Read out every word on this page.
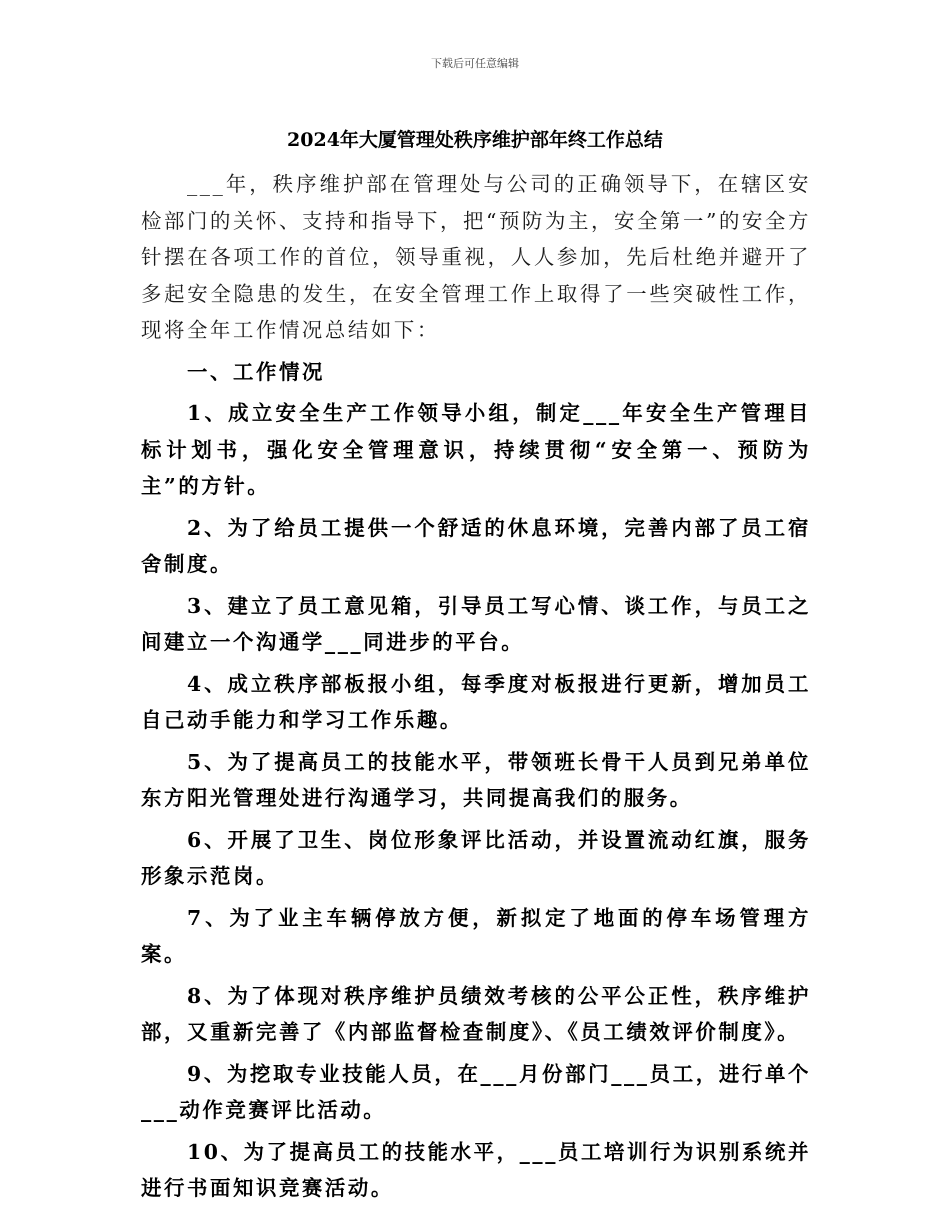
下载后可任意编辑
2024年大厦管理处秩序维护部年终工作总结

___年，秩序维护部在管理处与公司的正确领导下，在辖区安检部门的关怀、支持和指导下，把“预防为主，安全第一”的安全方针摆在各项工作的首位，领导重视，人人参加，先后杜绝并避开了多起安全隐患的发生，在安全管理工作上取得了一些突破性工作，现将全年工作情况总结如下：

一、工作情况

1、成立安全生产工作领导小组，制定___年安全生产管理目标计划书，强化安全管理意识，持续贯彻“安全第一、预防为主”的方针。

2、为了给员工提供一个舒适的休息环境，完善内部了员工宿舍制度。

3、建立了员工意见箱，引导员工写心情、谈工作，与员工之间建立一个沟通学___同进步的平台。

4、成立秩序部板报小组，每季度对板报进行更新，增加员工自己动手能力和学习工作乐趣。

5、为了提高员工的技能水平，带领班长骨干人员到兄弟单位东方阳光管理处进行沟通学习，共同提高我们的服务。

6、开展了卫生、岗位形象评比活动，并设置流动红旗，服务形象示范岗。

7、为了业主车辆停放方便，新拟定了地面的停车场管理方案。

8、为了体现对秩序维护员绩效考核的公平公正性，秩序维护部，又重新完善了《内部监督检查制度》、《员工绩效评价制度》。

9、为挖取专业技能人员，在___月份部门___员工，进行单个___动作竞赛评比活动。

10、为了提高员工的技能水平，___员工培训行为识别系统并进行书面知识竞赛活动。
